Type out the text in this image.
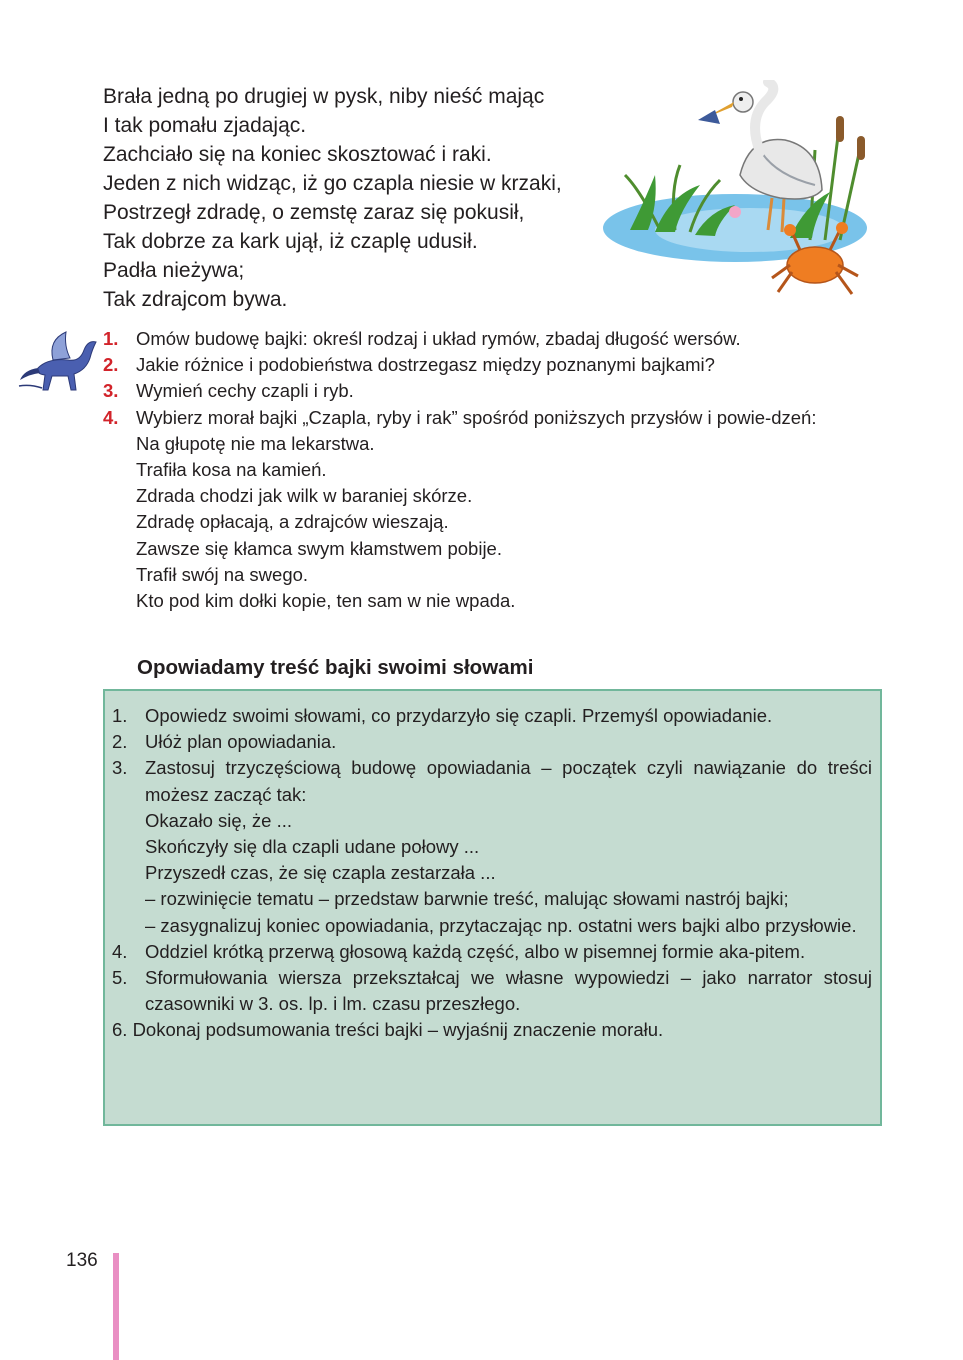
Brała jedną po drugiej w pysk, niby nieść mając
I tak pomału zjadając.
Zachciało się na koniec skosztować i raki.
Jeden z nich widząc, iż go czapla niesie w krzaki,
Postrzegł zdradę, o zemstę zaraz się pokusił,
Tak dobrze za kark ujął, iż czaplę udusił.
Padła nieżywa;
Tak zdrajcom bywa.
1. Omów budowę bajki: określ rodzaj i układ rymów, zbadaj długość wersów.
2. Jakie różnice i podobieństwa dostrzegasz między poznanymi bajkami?
3. Wymień cechy czapli i ryb.
4. Wybierz morał bajki „Czapla, ryby i rak” spośród poniższych przysłów i powie-dzeń:
Na głupotę nie ma lekarstwa.
Trafiła kosa na kamień.
Zdrada chodzi jak wilk w baraniej skórze.
Zdradę opłacają, a zdrajców wieszają.
Zawsze się kłamca swym kłamstwem pobije.
Trafił swój na swego.
Kto pod kim dołki kopie, ten sam w nie wpada.
Opowiadamy treść bajki swoimi słowami
1. Opowiedz swoimi słowami, co przydarzyło się czapli. Przemyśl opowiadanie.
2. Ułóż plan opowiadania.
3. Zastosuj trzyczęściową budowę opowiadania – początek czyli nawiązanie do treści możesz zacząć tak:
Okazało się, że ...
Skończyły się dla czapli udane połowy ...
Przyszedł czas, że się czapla zestarzała ...
– rozwinięcie tematu – przedstaw barwnie treść, malując słowami nastrój bajki;
– zasygnalizuj koniec opowiadania, przytaczając np. ostatni wers bajki albo przysłowie.
4. Oddziel krótką przerwą głosową każdą część, albo w pisemnej formie aka-pitem.
5. Sformułowania wiersza przekształcaj we własne wypowiedzi – jako narrator stosuj czasowniki w 3. os. lp. i lm. czasu przeszłego.
6. Dokonaj podsumowania treści bajki – wyjaśnij znaczenie morału.
136
